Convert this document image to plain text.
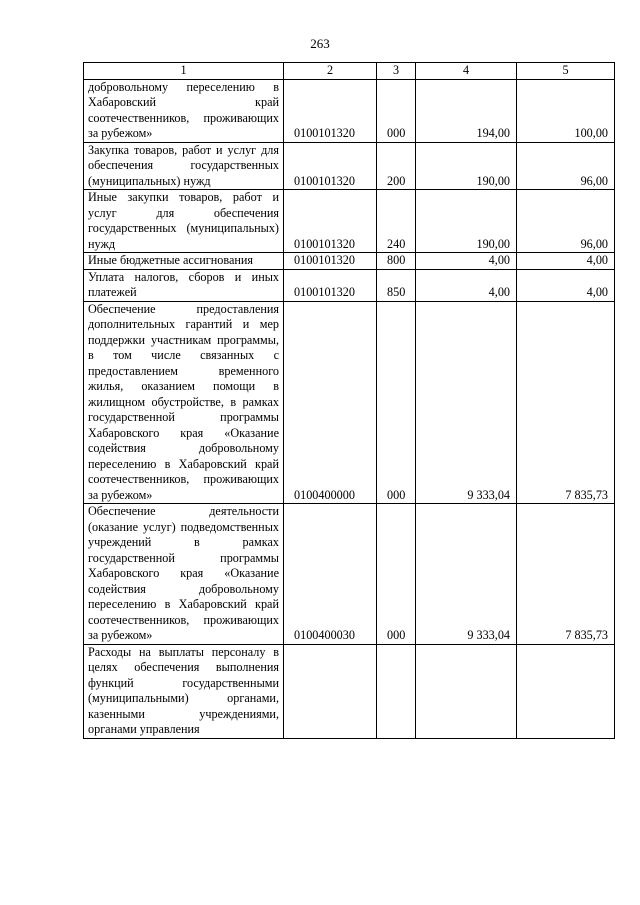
263
1	2	3	4	5
добровольному переселению в Хабаровский край соотечественников, проживающих за рубежом»	0100101320	000	194,00	100,00
Закупка товаров, работ и услуг для обеспечения государственных (муниципальных) нужд	0100101320	200	190,00	96,00
Иные закупки товаров, работ и услуг для обеспечения государственных (муниципальных) нужд	0100101320	240	190,00	96,00
Иные бюджетные ассигнования	0100101320	800	4,00	4,00
Уплата налогов, сборов и иных платежей	0100101320	850	4,00	4,00
Обеспечение предоставления дополнительных гарантий и мер поддержки участникам программы, в том числе связанных с предоставлением временного жилья, оказанием помощи в жилищном обустройстве, в рамках государственной программы Хабаровского края «Оказание содействия добровольному переселению в Хабаровский край соотечественников, проживающих за рубежом»	0100400000	000	9 333,04	7 835,73
Обеспечение деятельности (оказание услуг) подведомственных учреждений в рамках государственной программы Хабаровского края «Оказание содействия добровольному переселению в Хабаровский край соотечественников, проживающих за рубежом»	0100400030	000	9 333,04	7 835,73
Расходы на выплаты персоналу в целях обеспечения выполнения функций государственными (муниципальными) органами, казенными учреждениями, органами управления				
